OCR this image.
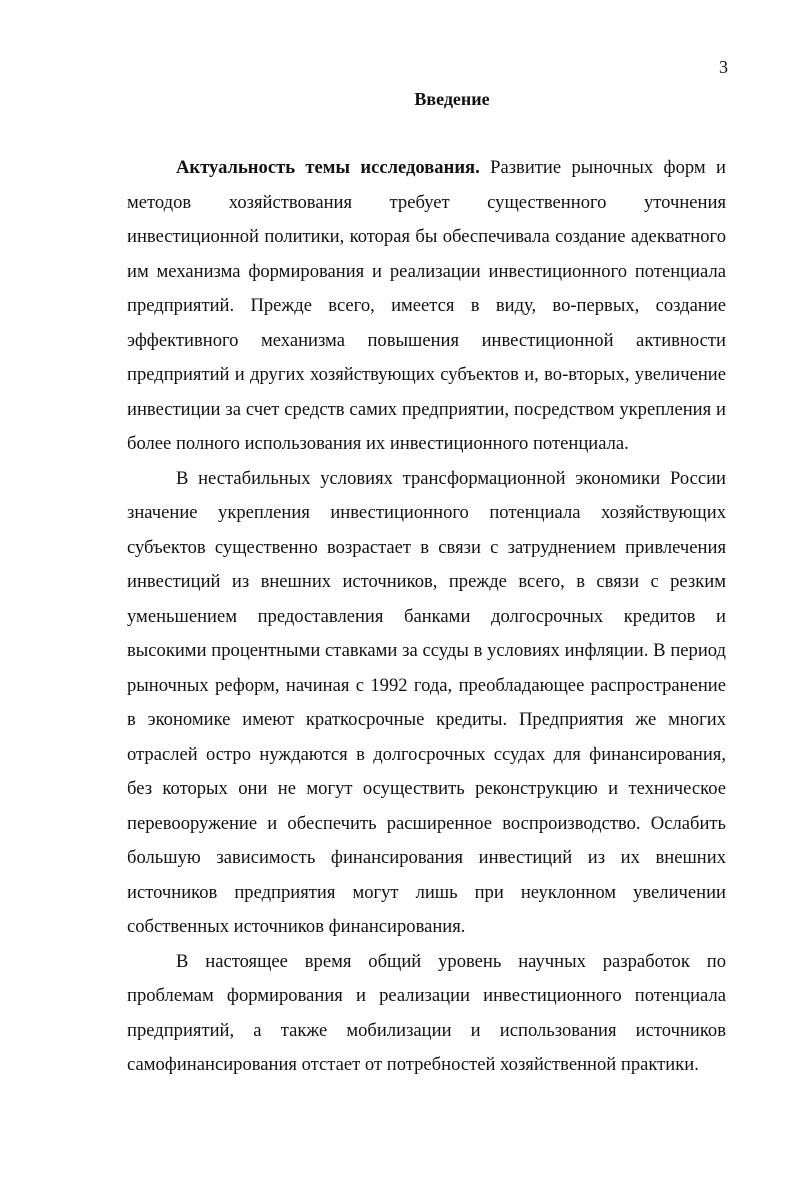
3
Введение

Актуальность темы исследования. Развитие рыночных форм и методов хозяйствования требует существенного уточнения инвестиционной политики, которая бы обеспечивала создание адекватного им механизма формирования и реализации инвестиционного потенциала предприятий. Прежде всего, имеется в виду, во-первых, создание эффективного механизма повышения инвестиционной активности предприятий и других хозяйствующих субъектов и, во-вторых, увеличение инвестиции за счет средств самих предприятии, посредством укрепления и более полного использования их инвестиционного потенциала.

В нестабильных условиях трансформационной экономики России значение укрепления инвестиционного потенциала хозяйствующих субъектов существенно возрастает в связи с затруднением привлечения инвестиций из внешних источников, прежде всего, в связи с резким уменьшением предоставления банками долгосрочных кредитов и высокими процентными ставками за ссуды в условиях инфляции. В период рыночных реформ, начиная с 1992 года, преобладающее распространение в экономике имеют краткосрочные кредиты. Предприятия же многих отраслей остро нуждаются в долгосрочных ссудах для финансирования, без которых они не могут осуществить реконструкцию и техническое перевооружение и обеспечить расширенное воспроизводство. Ослабить большую зависимость финансирования инвестиций из их внешних источников предприятия могут лишь при неуклонном увеличении собственных источников финансирования.

В настоящее время общий уровень научных разработок по проблемам формирования и реализации инвестиционного потенциала предприятий, а также мобилизации и использования источников самофинансирования отстает от потребностей хозяйственной практики.
